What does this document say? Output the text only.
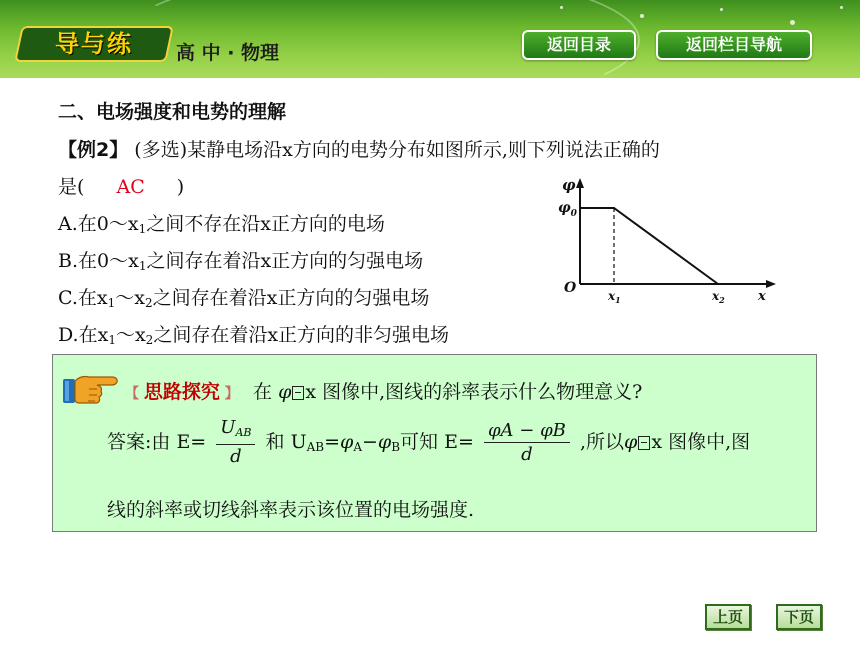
导与练	高 中 · 物理	返回目录	返回栏目导航
二、电场强度和电势的理解
【例2】 (多选)某静电场沿x方向的电势分布如图所示,则下列说法正确的
是( AC )
A.在$0\sim x_1$之间不存在沿x正方向的电场
B.在$0\sim x_1$之间存在着沿x正方向的匀强电场
C.在$x_1\sim x_2$之间存在着沿x正方向的匀强电场
D.在$x_1\sim x_2$之间存在着沿x正方向的非匀强电场
φ
$\varphi_0$
O	$x_1$	$x_2$	x
【 思路探究 】 在 φ x 图像中,图线的斜率表示什么物理意义?
答案:由 $E= \frac{U_{AB}}{d}$ 和 $U_{AB}=\varphi_A-\varphi_B$可知 $E= \frac{\varphi A - \varphi B}{d}$ ,所以φ x 图像中,图
线的斜率或切线斜率表示该位置的电场强度.
上页	下页
